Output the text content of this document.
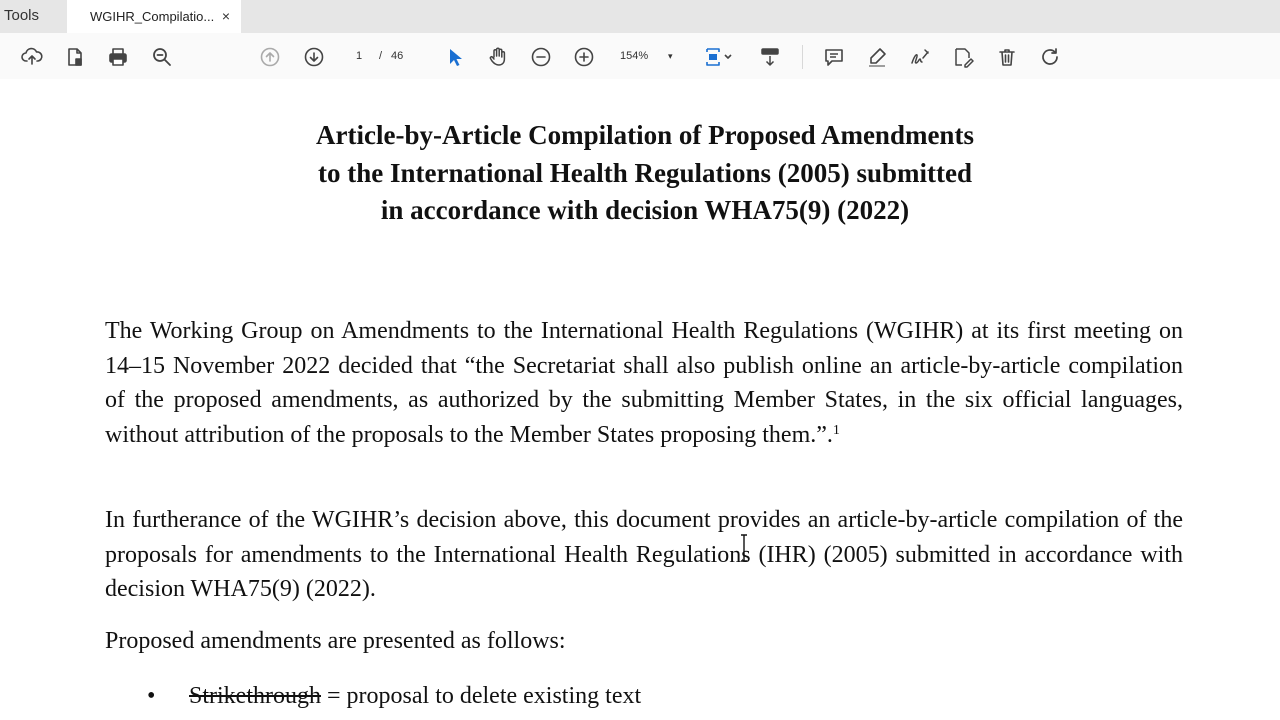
Tools	WGIHR_Compilatio... ×
1
/ 46	154% ▾
Article-by-Article Compilation of Proposed Amendments
to the International Health Regulations (2005) submitted
in accordance with decision WHA75(9) (2022)

The Working Group on Amendments to the International Health Regulations (WGIHR) at its first meeting on 14–15 November 2022 decided that “the Secretariat shall also publish online an article-by-article compilation of the proposed amendments, as authorized by the submitting Member States, in the six official languages, without attribution of the proposals to the Member States proposing them.”.$^1$

In furtherance of the WGIHR’s decision above, this document provides an article-by-article compilation of the proposals for amendments to the International Health Regulations (IHR) (2005) submitted in accordance with decision WHA75(9) (2022).

Proposed amendments are presented as follows:

• Strikethrough = proposal to delete existing text
